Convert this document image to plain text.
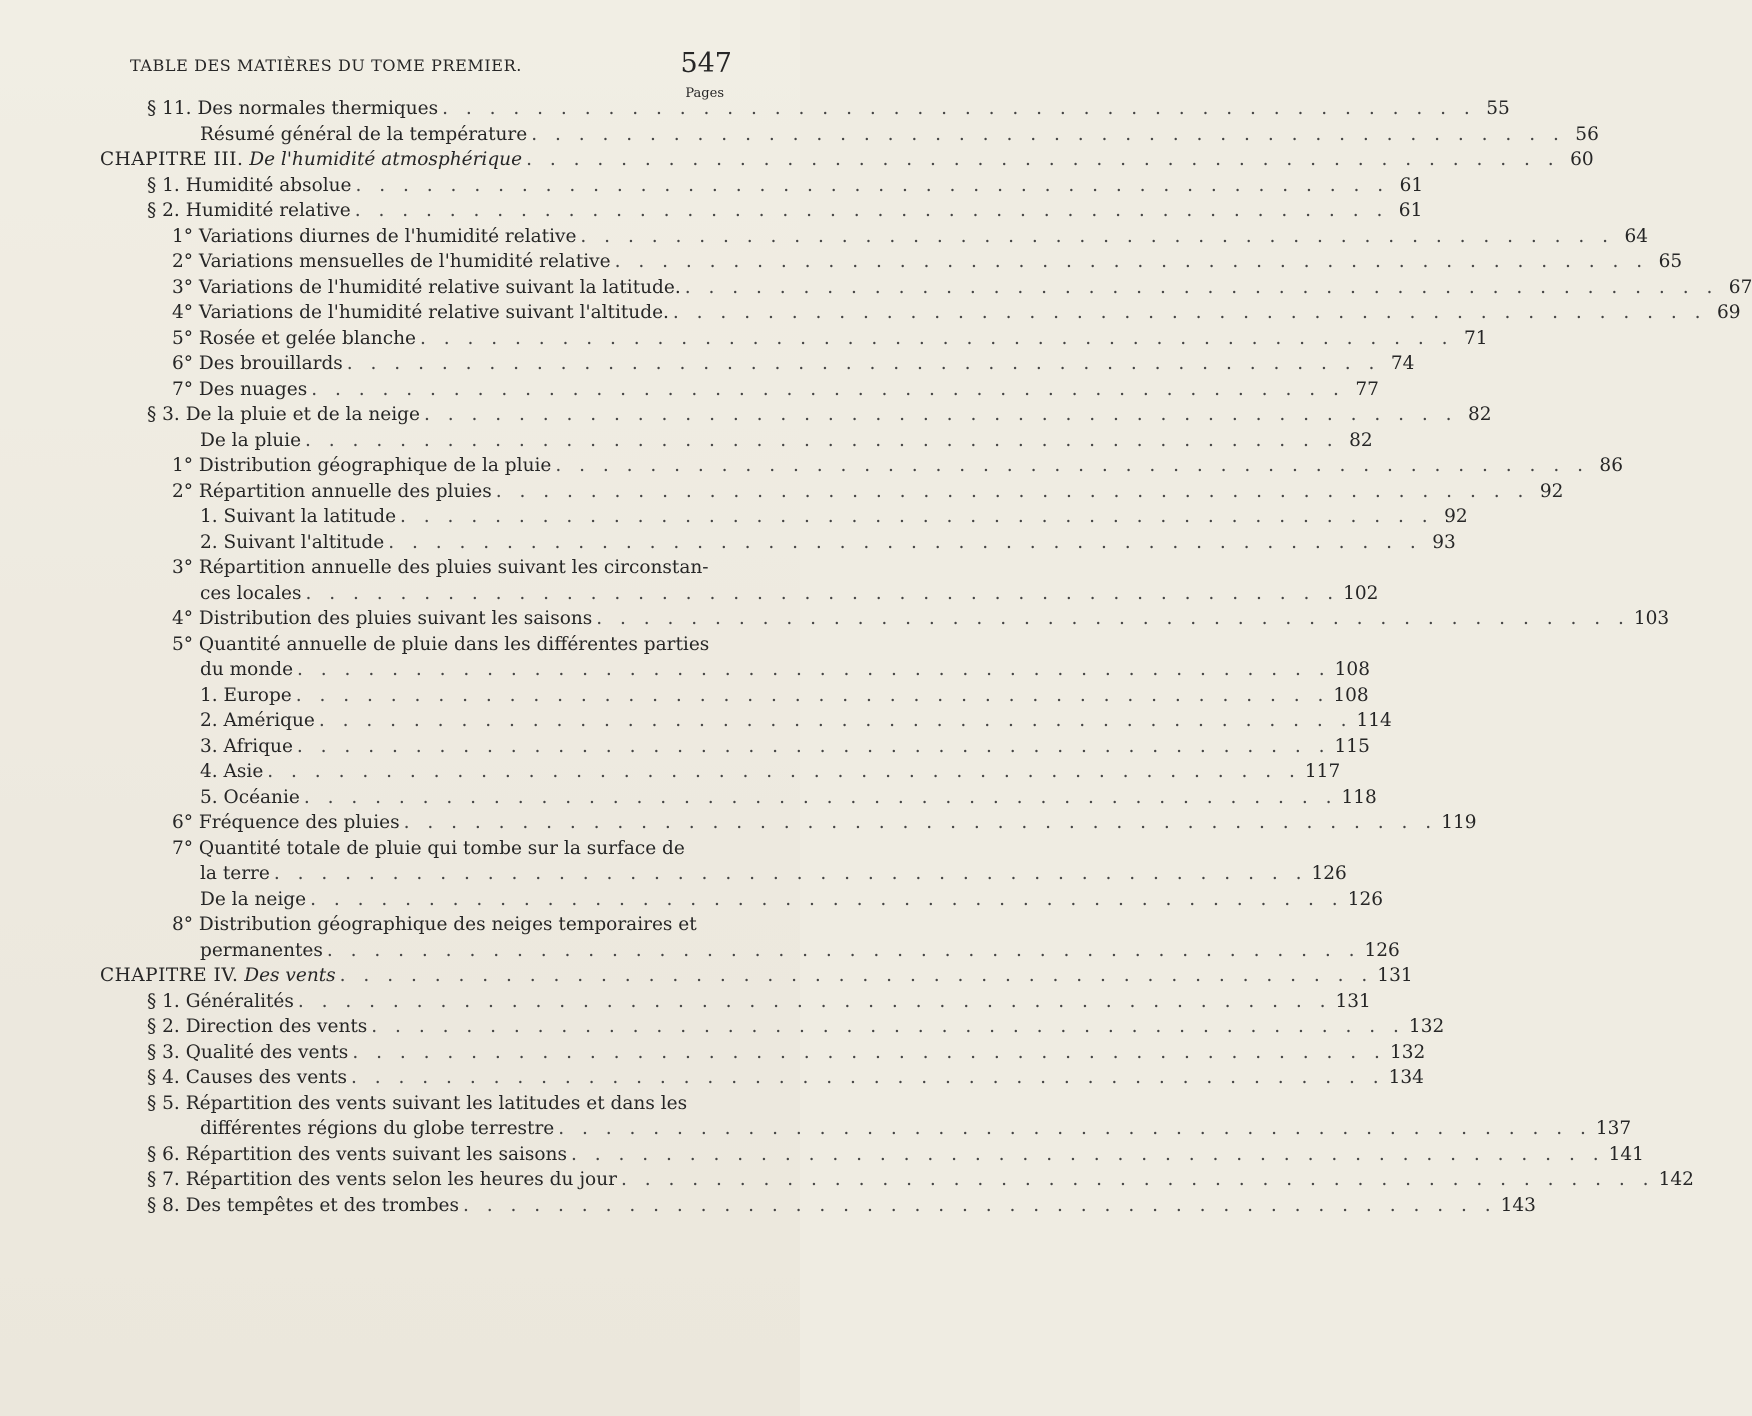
TABLE DES MATIÈRES DU TOME PREMIER.	547
Pages
§ 11. Des normales thermiques . . . . . . . . . . . . . . . . . . . . . . . . . . . . . . . . . . . . . . . . . . . . 55
Résumé général de la température . . . . . . . . . . . . . . . . . . . . . . . . . . . . . . . . . . . . . . . . . . . . 56
CHAPITRE III. De l'humidité atmosphérique . . . . . . . . . . . . . . . . . . . . . . . . . . . . . . . . . . . . . . . . . . . . 60
§ 1. Humidité absolue . . . . . . . . . . . . . . . . . . . . . . . . . . . . . . . . . . . . . . . . . . . . 61
§ 2. Humidité relative . . . . . . . . . . . . . . . . . . . . . . . . . . . . . . . . . . . . . . . . . . . . 61
1° Variations diurnes de l'humidité relative . . . . . . . . . . . . . . . . . . . . . . . . . . . . . . . . . . . . . . . . . . . . 64
2° Variations mensuelles de l'humidité relative . . . . . . . . . . . . . . . . . . . . . . . . . . . . . . . . . . . . . . . . . . . . 65
3° Variations de l'humidité relative suivant la latitude. . . . . . . . . . . . . . . . . . . . . . . . . . . . . . . . . . . . . . . . . . . . . 67
4° Variations de l'humidité relative suivant l'altitude. . . . . . . . . . . . . . . . . . . . . . . . . . . . . . . . . . . . . . . . . . . . . 69
5° Rosée et gelée blanche . . . . . . . . . . . . . . . . . . . . . . . . . . . . . . . . . . . . . . . . . . . . 71
6° Des brouillards . . . . . . . . . . . . . . . . . . . . . . . . . . . . . . . . . . . . . . . . . . . . 74
7° Des nuages . . . . . . . . . . . . . . . . . . . . . . . . . . . . . . . . . . . . . . . . . . . . 77
§ 3. De la pluie et de la neige . . . . . . . . . . . . . . . . . . . . . . . . . . . . . . . . . . . . . . . . . . . . 82
De la pluie . . . . . . . . . . . . . . . . . . . . . . . . . . . . . . . . . . . . . . . . . . . . 82
1° Distribution géographique de la pluie . . . . . . . . . . . . . . . . . . . . . . . . . . . . . . . . . . . . . . . . . . . . 86
2° Répartition annuelle des pluies . . . . . . . . . . . . . . . . . . . . . . . . . . . . . . . . . . . . . . . . . . . . 92
1. Suivant la latitude . . . . . . . . . . . . . . . . . . . . . . . . . . . . . . . . . . . . . . . . . . . . 92
2. Suivant l'altitude . . . . . . . . . . . . . . . . . . . . . . . . . . . . . . . . . . . . . . . . . . . . 93
3° Répartition annuelle des pluies suivant les circonstan-
ces locales . . . . . . . . . . . . . . . . . . . . . . . . . . . . . . . . . . . . . . . . . . . . 102
4° Distribution des pluies suivant les saisons . . . . . . . . . . . . . . . . . . . . . . . . . . . . . . . . . . . . . . . . . . . . 103
5° Quantité annuelle de pluie dans les différentes parties
du monde . . . . . . . . . . . . . . . . . . . . . . . . . . . . . . . . . . . . . . . . . . . . 108
1. Europe . . . . . . . . . . . . . . . . . . . . . . . . . . . . . . . . . . . . . . . . . . . . 108
2. Amérique . . . . . . . . . . . . . . . . . . . . . . . . . . . . . . . . . . . . . . . . . . . . 114
3. Afrique . . . . . . . . . . . . . . . . . . . . . . . . . . . . . . . . . . . . . . . . . . . . 115
4. Asie . . . . . . . . . . . . . . . . . . . . . . . . . . . . . . . . . . . . . . . . . . . . 117
5. Océanie . . . . . . . . . . . . . . . . . . . . . . . . . . . . . . . . . . . . . . . . . . . . 118
6° Fréquence des pluies . . . . . . . . . . . . . . . . . . . . . . . . . . . . . . . . . . . . . . . . . . . . 119
7° Quantité totale de pluie qui tombe sur la surface de
la terre . . . . . . . . . . . . . . . . . . . . . . . . . . . . . . . . . . . . . . . . . . . . 126
De la neige . . . . . . . . . . . . . . . . . . . . . . . . . . . . . . . . . . . . . . . . . . . . 126
8° Distribution géographique des neiges temporaires et
permanentes . . . . . . . . . . . . . . . . . . . . . . . . . . . . . . . . . . . . . . . . . . . . 126
CHAPITRE IV. Des vents . . . . . . . . . . . . . . . . . . . . . . . . . . . . . . . . . . . . . . . . . . . . 131
§ 1. Généralités . . . . . . . . . . . . . . . . . . . . . . . . . . . . . . . . . . . . . . . . . . . . 131
§ 2. Direction des vents . . . . . . . . . . . . . . . . . . . . . . . . . . . . . . . . . . . . . . . . . . . . 132
§ 3. Qualité des vents . . . . . . . . . . . . . . . . . . . . . . . . . . . . . . . . . . . . . . . . . . . . 132
§ 4. Causes des vents . . . . . . . . . . . . . . . . . . . . . . . . . . . . . . . . . . . . . . . . . . . . 134
§ 5. Répartition des vents suivant les latitudes et dans les
différentes régions du globe terrestre . . . . . . . . . . . . . . . . . . . . . . . . . . . . . . . . . . . . . . . . . . . . 137
§ 6. Répartition des vents suivant les saisons . . . . . . . . . . . . . . . . . . . . . . . . . . . . . . . . . . . . . . . . . . . . 141
§ 7. Répartition des vents selon les heures du jour . . . . . . . . . . . . . . . . . . . . . . . . . . . . . . . . . . . . . . . . . . . . 142
§ 8. Des tempêtes et des trombes . . . . . . . . . . . . . . . . . . . . . . . . . . . . . . . . . . . . . . . . . . . . 143
